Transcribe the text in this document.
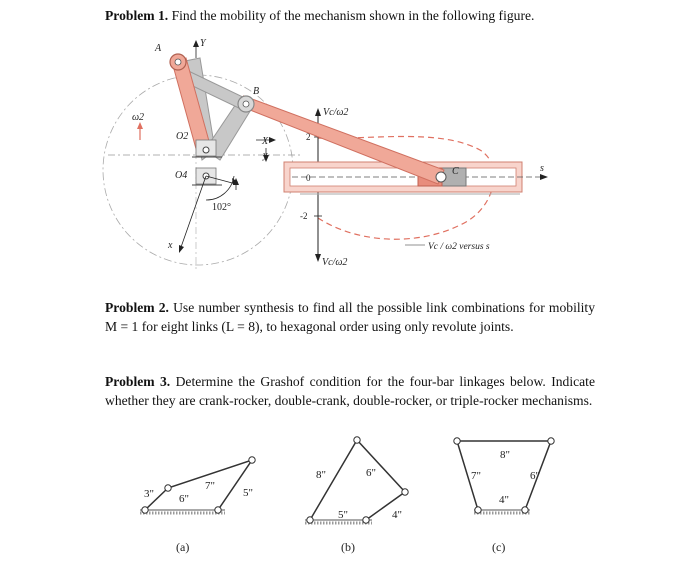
Problem 1. Find the mobility of the mechanism shown in the following figure.
A
B
C
O2
O4
ω2
Y
X
y
x
s
102°
2
0
-2
Vc/ω2
Vc/ω2
Vc / ω2 versus s
Problem 2. Use number synthesis to find all the possible link combinations for mobility M = 1 for eight links (L = 8), to hexagonal order using only revolute joints.
Problem 3. Determine the Grashof condition for the four-bar linkages below. Indicate whether they are crank-rocker, double-crank, double-rocker, or triple-rocker mechanisms.
3" 6"
7"
5"
(a)
8"	6"
5"	4"
(b)
8"
7"	6"
4"
(c)
